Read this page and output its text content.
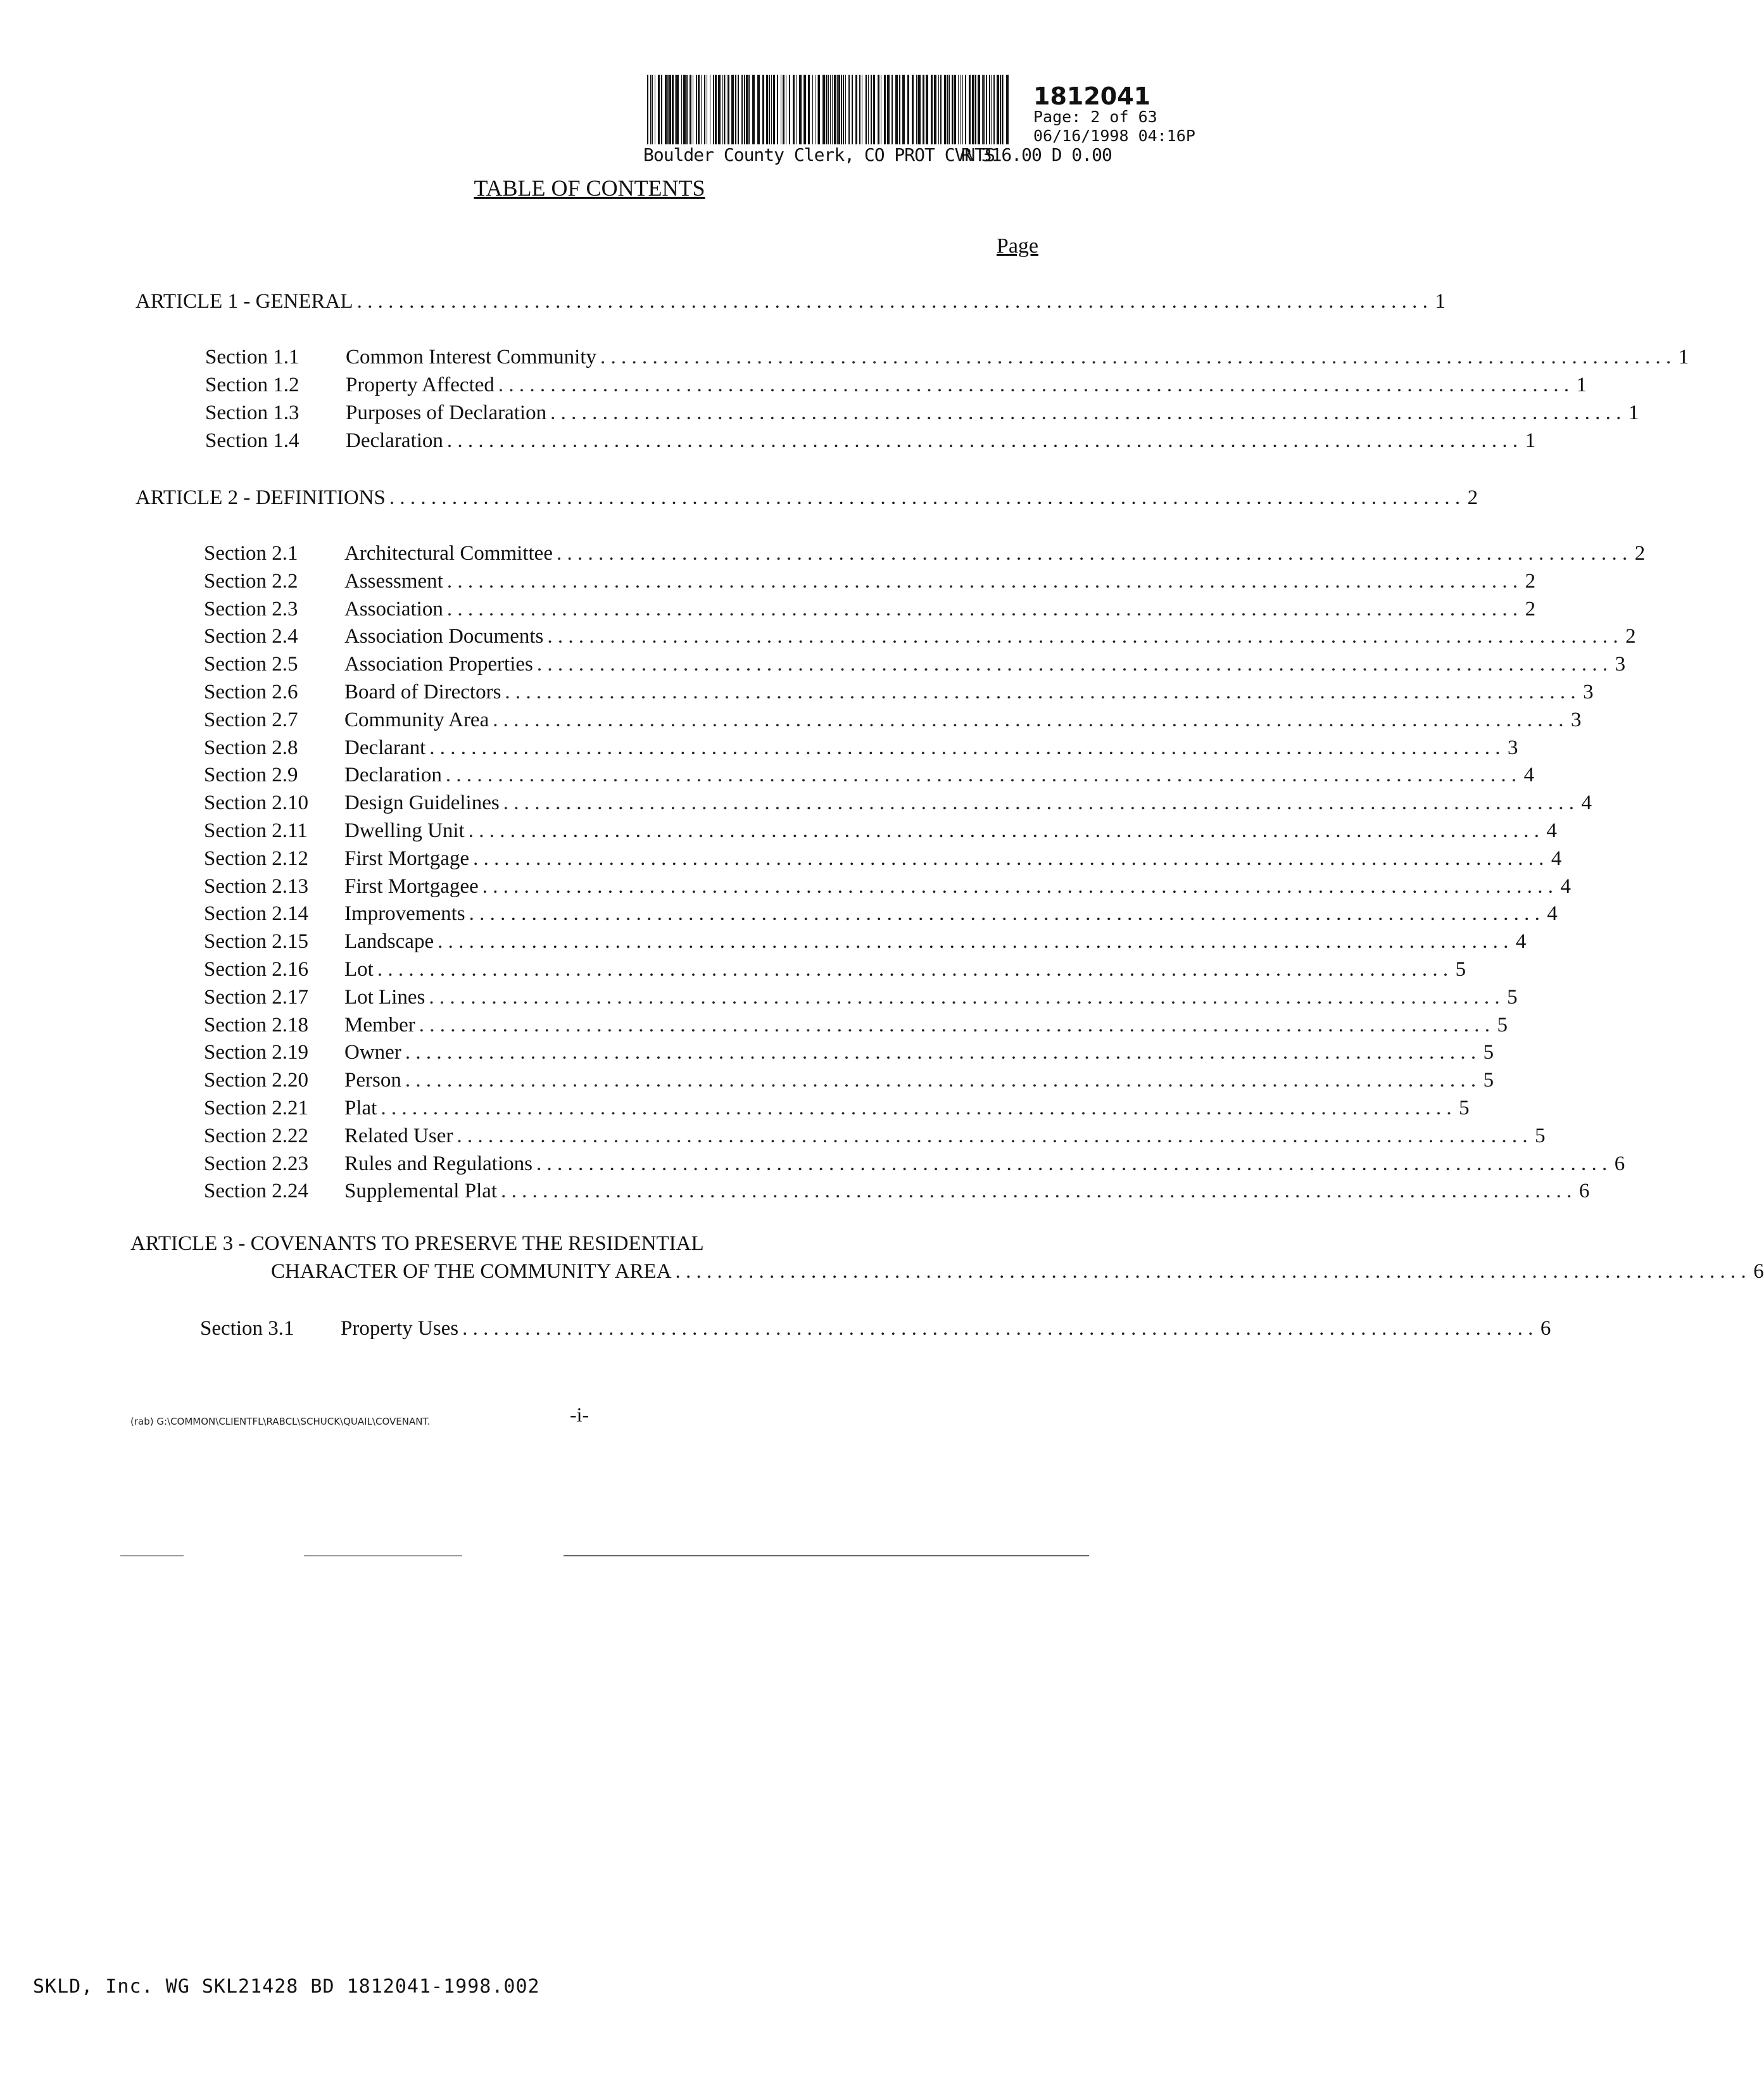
Boulder County Clerk, CO PROT CVNTS
R 316.00 D 0.00
1812041
Page: 2 of 63
06/16/1998 04:16P
TABLE OF CONTENTS
Page
ARTICLE 1 - GENERAL . . .	1
Section 1.1	Common Interest Community . . .	1
Section 1.2	Property Affected . . .	1
Section 1.3	Purposes of Declaration . . .	1
Section 1.4	Declaration . . .	1
ARTICLE 2 - DEFINITIONS . . .	2
Section 2.1	Architectural Committee . . .	2
Section 2.2	Assessment . . .	2
Section 2.3	Association . . .	2
Section 2.4	Association Documents . . .	2
Section 2.5	Association Properties . . .	3
Section 2.6	Board of Directors . . .	3
Section 2.7	Community Area . . .	3
Section 2.8	Declarant . . .	3
Section 2.9	Declaration . . .	4
Section 2.10	Design Guidelines . . .	4
Section 2.11	Dwelling Unit . . .	4
Section 2.12	First Mortgage . . .	4
Section 2.13	First Mortgagee . . .	4
Section 2.14	Improvements . . .	4
Section 2.15	Landscape . . .	4
Section 2.16	Lot . . .	5
Section 2.17	Lot Lines . . .	5
Section 2.18	Member . . .	5
Section 2.19	Owner . . .	5
Section 2.20	Person . . .	5
Section 2.21	Plat . . .	5
Section 2.22	Related User . . .	5
Section 2.23	Rules and Regulations . . .	6
Section 2.24	Supplemental Plat . . .	6
ARTICLE 3 - COVENANTS TO PRESERVE THE RESIDENTIAL
CHARACTER OF THE COMMUNITY AREA . . .	6
Section 3.1	Property Uses . . .	6
(rab) G:\COMMON\CLIENTFL\RABCL\SCHUCK\QUAIL\COVENANT.	-i-
SKLD, Inc. WG SKL21428 BD 1812041-1998.002
